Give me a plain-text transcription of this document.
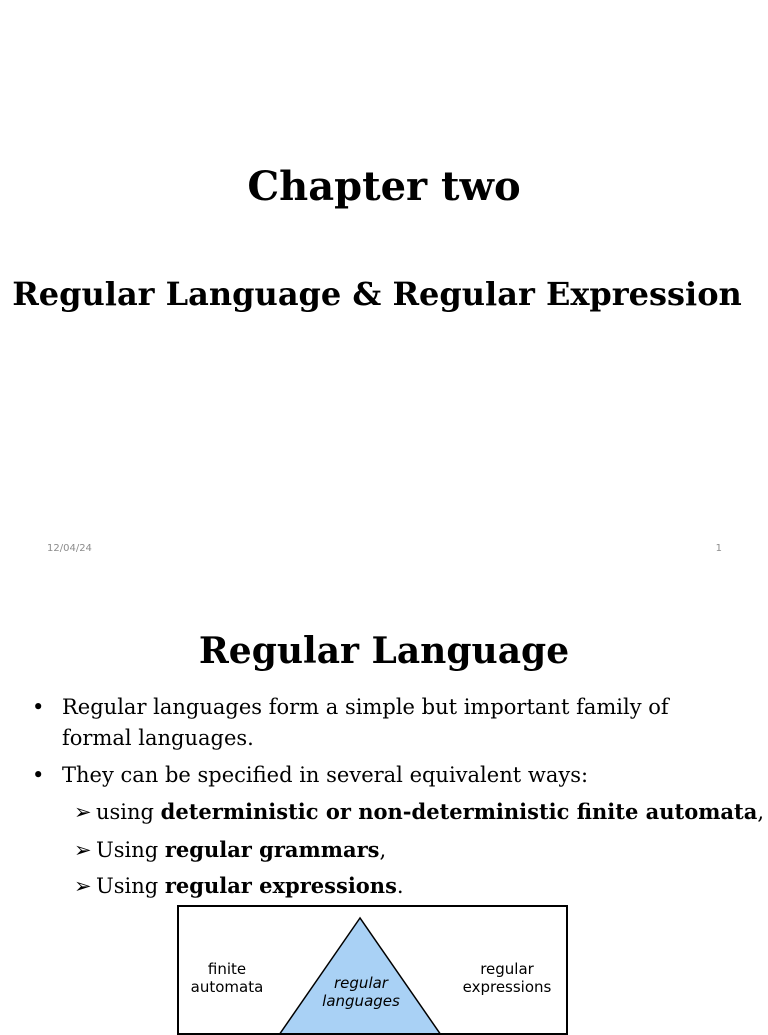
Chapter two
Regular Language & Regular Expression
12/04/24	1
Regular Language
• Regular languages form a simple but important family of formal languages.
• They can be specified in several equivalent ways:
➢ using deterministic or non-deterministic finite automata,
➢ Using regular grammars,
➢ Using regular expressions.
finite
automata	regular
languages
regular
expressions
